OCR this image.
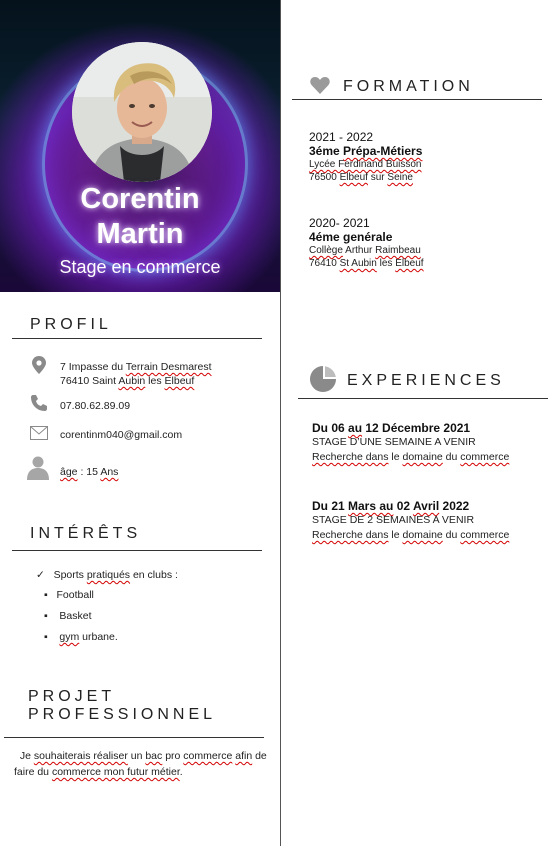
Corentin
Martin
Stage en commerce
PROFIL
7 Impasse du Terrain Desmarest
76410 Saint Aubin les Elbeuf
07.80.62.89.09
corentinm040@gmail.com
âge : 15 Ans
INTÉRÊTS
✓ Sports pratiqués en clubs :
▪ Football
▪ Basket
▪ gym urbane.
PROJET
PROFESSIONNEL
Je souhaiterais réaliser un bac pro commerce afin de
faire du commerce mon futur métier.
FORMATION
2021 - 2022
3éme Prépa-Métiers
Lycée Ferdinand Buisson
76500 Elbeuf sur Seine
2020- 2021
4éme genérale
Collège Arthur Raimbeau
76410 St Aubin les Elbeuf
EXPERIENCES
Du 06 au 12 Décembre 2021
STAGE D’UNE SEMAINE A VENIR
Recherche dans le domaine du commerce
Du 21 Mars au 02 Avril 2022
STAGE DE 2 SEMAINES A VENIR
Recherche dans le domaine du commerce
